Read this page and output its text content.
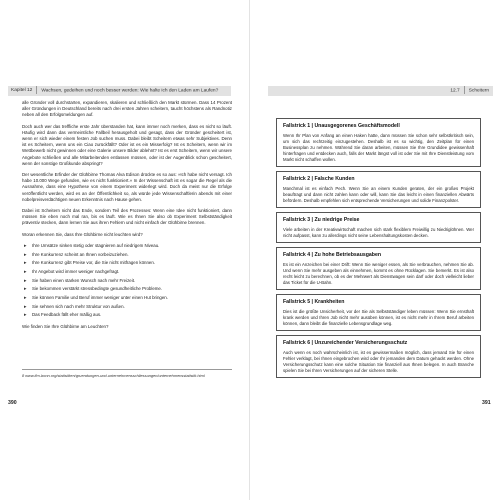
Kapitel 12 Wachsen, gedeihen und noch besser werden: Wie halte ich den Laden am Laufen?

alle Gründer voll durchstarten, expandieren, skalieren und schließlich den Markt stürmen. Dass 14 Prozent aller Gründungen in Deutschland bereits nach drei ersten Jahren scheitern, taucht höchstens als Randnotiz neben all den Erfolgsmeldungen auf.

Doch auch wer das treffliche erste Jahr überstanden hat, kann immer noch merken, dass es nicht so läuft. Häufig wird dann das vermeintliche Fallbeil herausgeholt und gesagt, dass der Gründer gescheitert ist, wenn er sich wieder einem festen Job suchen muss. Dabei bleibt Scheitern etwas sehr Subjektives. Denn ist es Scheitern, wenn uns ein Ciao zurückfällt? Oder ist es ein Misserfolg? Ist es Scheitern, wenn wir im Wettbewerb nicht gewinnen oder eine Galerie unsere Bilder ablehnt? Ist es erst Scheitern, wenn wir unsere Angebote schließen und alle Mitarbeitenden entlassen müssen, oder ist der Augenblick schon gescheitert, wenn der sonstige Großkunde abspringt?

Der wesentliche Erfinder der Glühbirne Thomas Alva Edison drückte es so aus: »Ich habe nicht versagt. Ich habe 10.000 Wege gefunden, wie es nicht funktioniert.« In der Wissenschaft ist es sogar die Regel als die Ausnahme, dass eine Hypothese von einem Experiment widerlegt wird. Doch da meist nur die Erfolge veröffentlicht werden, wird es an der Öffentlichkeit so, als würde jede Wissenschaftlerin abends mit einer nobelpreisverdächtigen neuen Erkenntnis nach Hause gehen.

Dabei ist Scheitern nicht das Ende, sondern Teil des Prozesses: Wenn eine Idee nicht funktioniert, dann müssen Sie eben noch mal ran, bis es läuft. Wie es Ihnen Sie also ob Experiment Selbstständigkeit präventiv stecken, dann lernen Sie aus ihren Fehlern und nicht einfach der Glühbirne brennen.

Woran erkennen Sie, dass Ihre Glühbirne nicht leuchten wird?

▸ Ihre Umsätze sinken stetig oder stagnieren auf niedrigem Niveau.
▸ Ihre Konkurrenz scheint an Ihnen vorbeizuziehen.
▸ Ihre Konkurrenz gibt Preise vor, die Sie nicht mitfragen können.
▸ Ihr Angebot wird immer weniger nachgefragt.
▸ Sie haben einen starken Wunsch nach mehr Freizeit.
▸ Sie bekommen verstärkt stressbedingte gesundheitliche Probleme.
▸ Sie können Familie und Beruf immer weniger unter einen Hut bringen.
▸ Sie sehnen sich nach mehr Struktur von außen.
▸ Das Feedback fällt eher mäßig aus.

Wie finden Sie Ihre Glühbirne am Leuchten?

8 www.ifm-bonn.org/statistiken/gruendungen-und-unternehmensschliessungen/unternehmensstatistik.html
390
12.7 Scheitern
Fallstrick 1 | Unausgegorenes Geschäftsmodell
Wenn Ihr Plan von Anfang an einen Haken hatte, dann müssen Sie schon sehr selbstkritisch sein, um sich das rechtzeitig einzugestehen. Deshalb ist es so wichtig, den Zeitplan für einen Businessplan zu nehmen. Während Sie daran arbeiten, müssen Sie Ihre Grundidee gewissenhaft hinterfragen und entdecken auch, falls der Markt längst voll ist oder Sie mit Ihre Dienstleistung vom Markt nicht schaffen wollen.
Fallstrick 2 | Falsche Kunden
Manchmal ist es einfach Pech. Wenn Sie an einem Kunden geraten, der ein großes Projekt beauftragt und dann nicht zahlen kann oder will, kann Sie das leicht in einen finanziellen Abwärts befördern. Deshalb empfehlen sich entsprechende Versicherungen und solide Finanzpolster.
Fallstrick 3 | Zu niedrige Preise
Viele arbeiten in der Kreativwirtschaft machen sich stark flexiblem Freiwillig zu Niedriglöhnen. Wer nicht aufpasst, kann zu allerdings nicht seine Lebenshaltungskosten decken.
Fallstrick 4 | Zu hohe Betriebsausgaben
Es ist ein Anzeichen bei einer Drift: Wenn Sie weniger essen, als Sie verbrauchen, nehmen Sie ab. Und wenn Sie mehr ausgeben als einnehmen, kommt es ohne Rücklagen. Sie bemerkt. Es ist also recht leicht zu berechnen, ob es der Mehrwert als Dienstwagen sein darf oder doch vielleicht lieber das Ticket für die U-Bahn.
Fallstrick 5 | Krankheiten
Dies ist die größte Unsicherheit, vor der Sie als Selbstständiger leben müssen: Wenn Sie ernsthaft krank werden und Ihren Job nicht mehr ausüben können, ist es nicht mehr in Ihrem Beruf arbeiten können, dann bleibt die finanzielle Lebensgrundlage weg.
Fallstrick 6 | Unzureichender Versicherungsschutz
Auch wenn es noch wahrscheinlich ist, ist es gewissermaßen möglich, dass jemand Sie für einen Fehler verklagt, bei Ihnen eingebrochen wird oder Ihr jemanden dem Datum gehackt werden. Ohne Versicherungsschutz kann eine solche Situation Sie finanziell aus Ihnen belegen. In auch Branche spielen Sie bei Ihren Versicherungen auf der sicheren Stelle.
391
